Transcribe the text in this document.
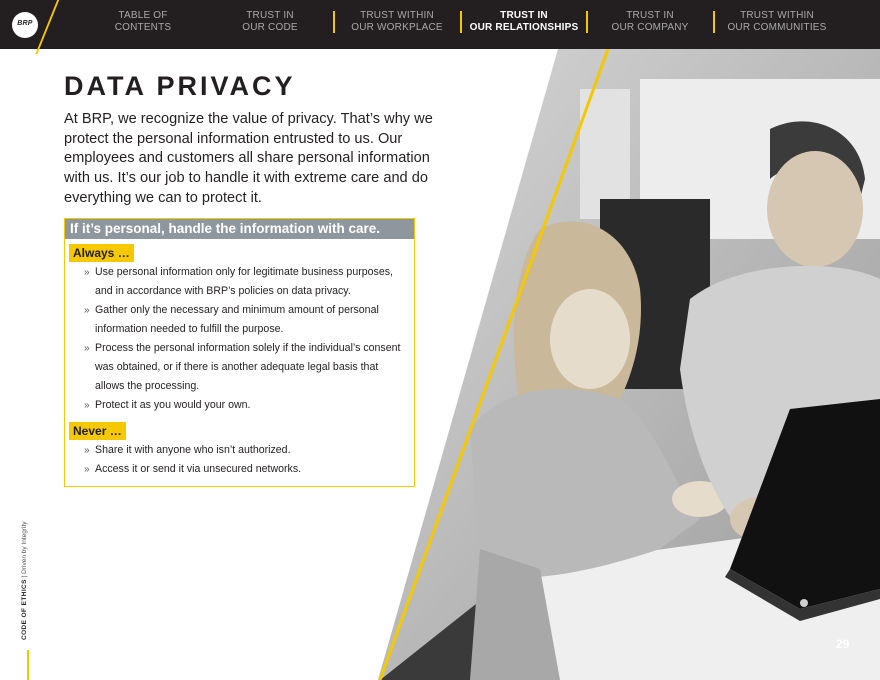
BRP
TABLE OF
CONTENTS
TRUST IN
OUR CODE
TRUST WITHIN
OUR WORKPLACE
TRUST IN
OUR RELATIONSHIPS
TRUST IN
OUR COMPANY
TRUST WITHIN
OUR COMMUNITIES
DATA PRIVACY

At BRP, we recognize the value of privacy. That’s why we protect the personal information entrusted to us. Our employees and customers all share personal information with us. It’s our job to handle it with extreme care and do everything we can to protect it.

If it’s personal, handle the information with care.
Always …
» Use personal information only for legitimate business purposes, and in accordance with BRP’s policies on data privacy.
» Gather only the necessary and minimum amount of personal information needed to fulfill the purpose.
» Process the personal information solely if the individual’s consent was obtained, or if there is another adequate legal basis that allows the processing.
» Protect it as you would your own.
Never …
» Share it with anyone who isn’t authorized.
» Access it or send it via unsecured networks.
CODE OF ETHICS | Driven by Integrity
29
